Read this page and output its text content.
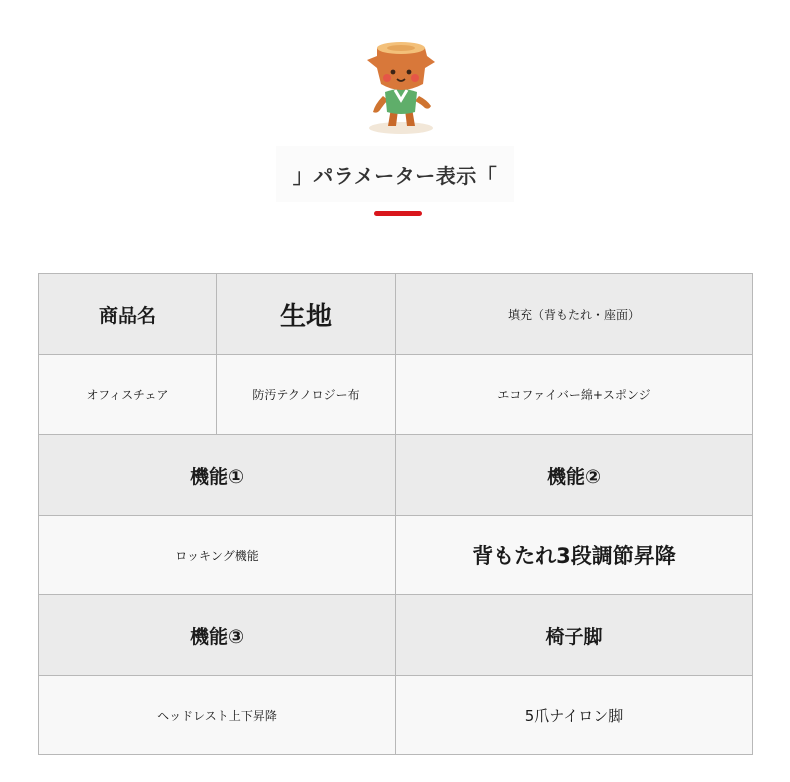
」パラメーター表示「
商品名	生地	填充（背もたれ・座面）
オフィスチェア	防汚テクノロジー布	エコファイバー綿+スポンジ
機能①		機能②
ロッキング機能		背もたれ3段調節昇降
機能③		椅子脚
ヘッドレスト上下昇降		5爪ナイロン脚
